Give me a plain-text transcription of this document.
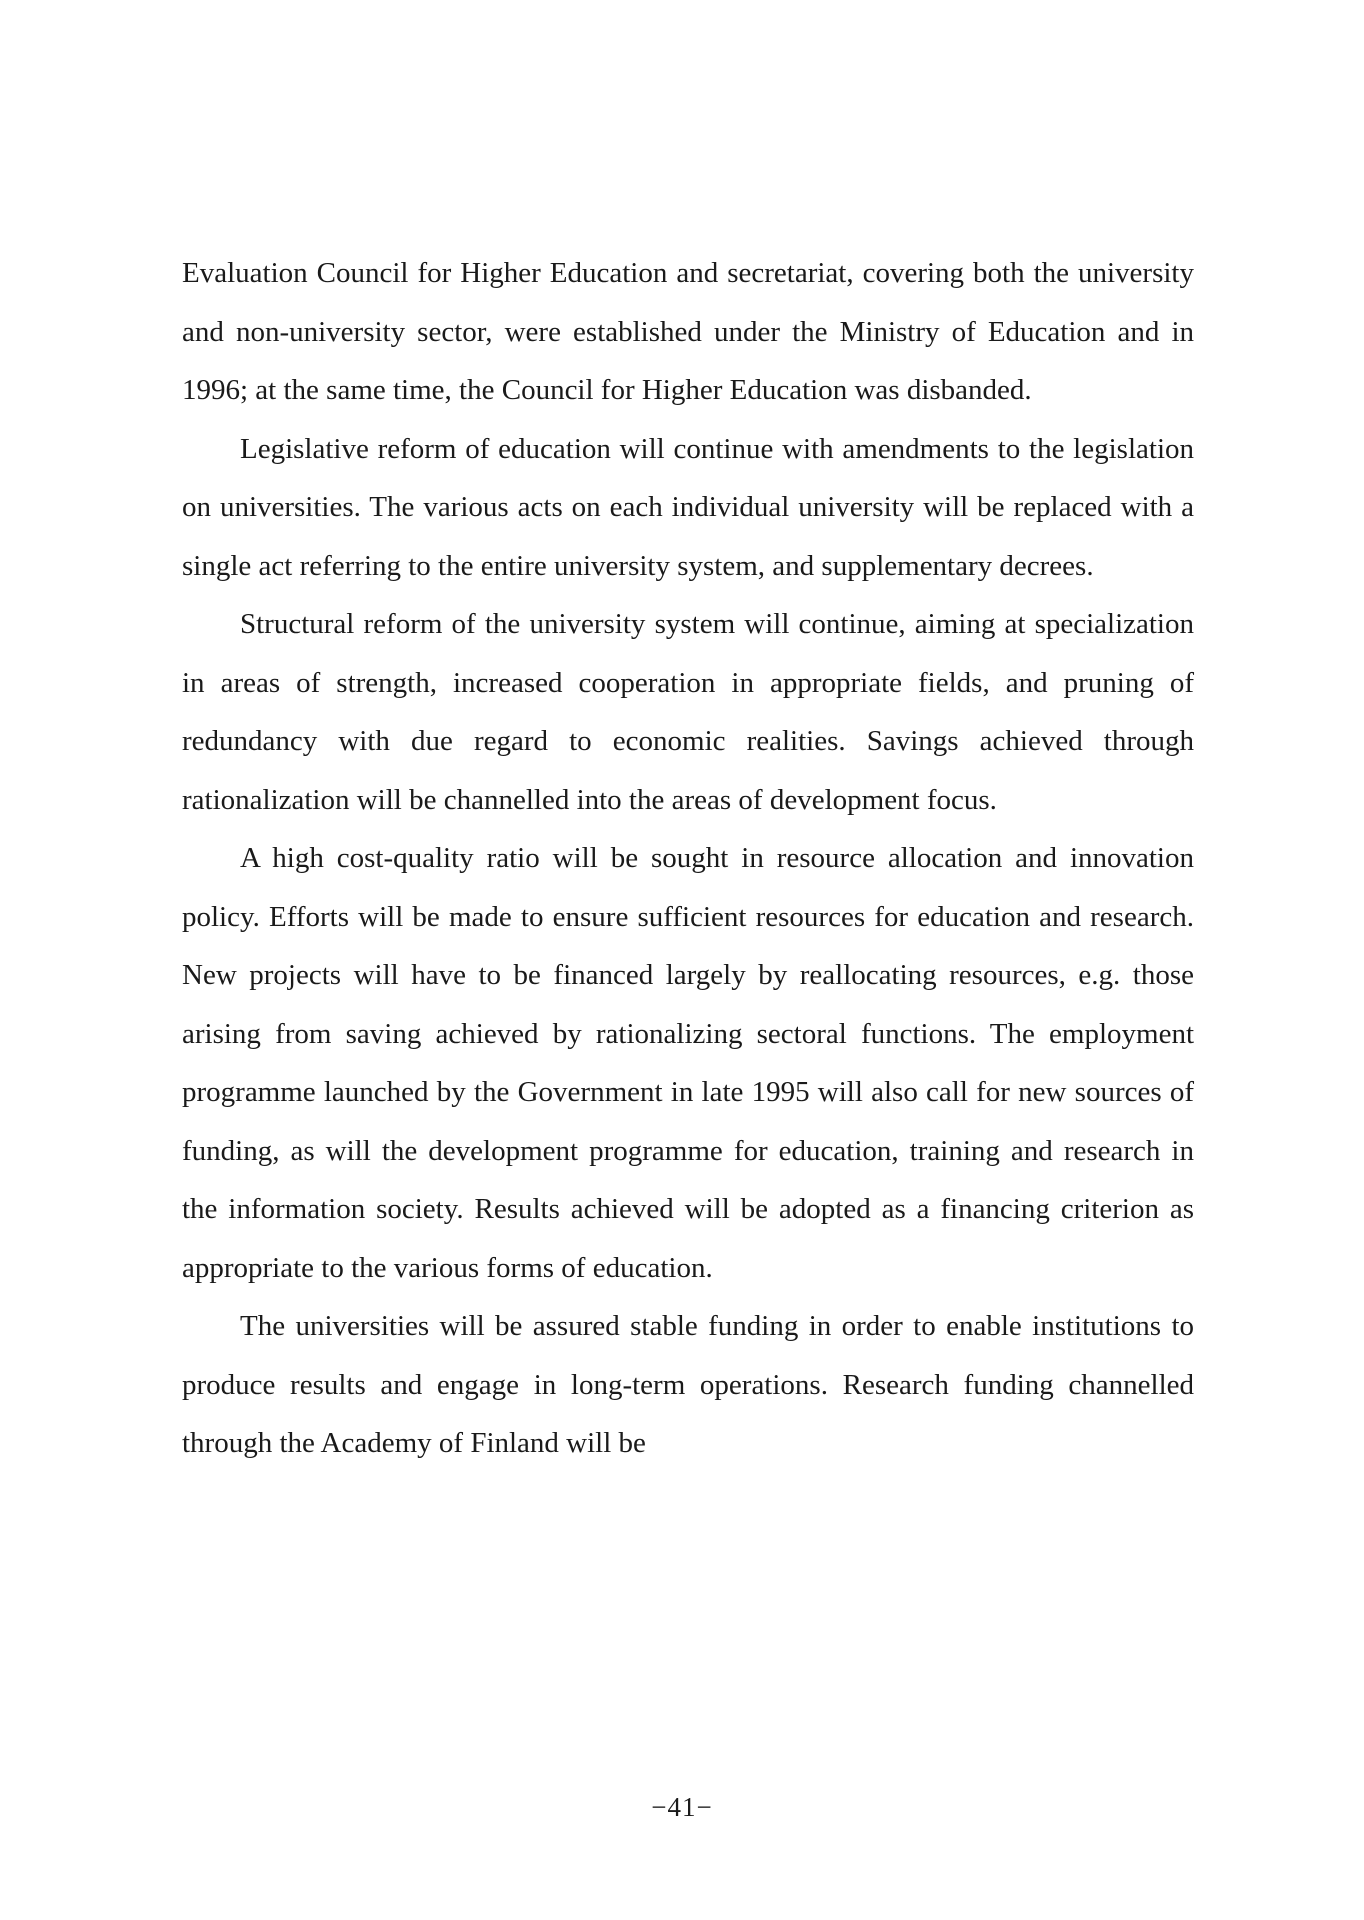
Evaluation Council for Higher Education and secretariat, covering both the university and non-university sector, were established under the Ministry of Education and in 1996; at the same time, the Council for Higher Education was disbanded.

Legislative reform of education will continue with amendments to the legislation on universities. The various acts on each individual university will be replaced with a single act referring to the entire university system, and supplementary decrees.

Structural reform of the university system will continue, aiming at specialization in areas of strength, increased cooperation in appropriate fields, and pruning of redundancy with due regard to economic realities. Savings achieved through rationalization will be channelled into the areas of development focus.

A high cost-quality ratio will be sought in resource allocation and innovation policy. Efforts will be made to ensure sufficient resources for education and research. New projects will have to be financed largely by reallocating resources, e.g. those arising from saving achieved by rationalizing sectoral functions. The employment programme launched by the Government in late 1995 will also call for new sources of funding, as will the development programme for education, training and research in the information society. Results achieved will be adopted as a financing criterion as appropriate to the various forms of education.

The universities will be assured stable funding in order to enable institutions to produce results and engage in long-term operations. Research funding channelled through the Academy of Finland will be

−41−
